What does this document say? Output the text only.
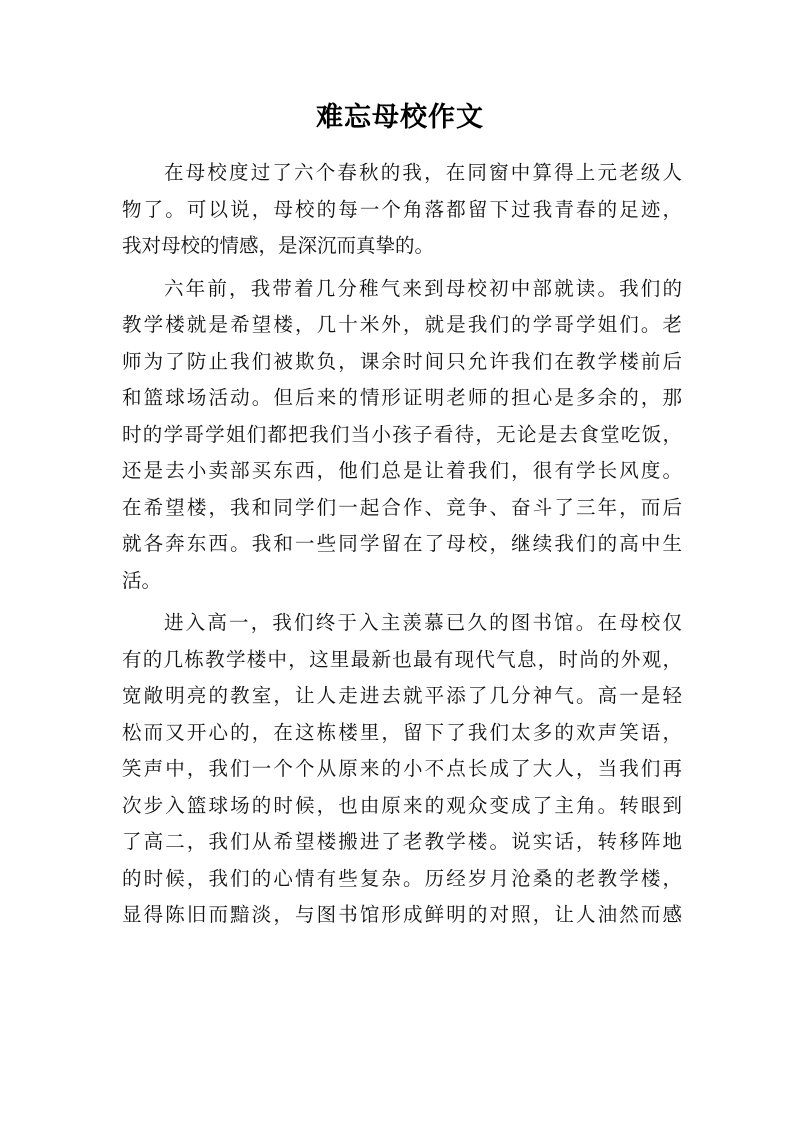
难忘母校作文
在母校度过了六个春秋的我，在同窗中算得上元老级人
物了。可以说，母校的每一个角落都留下过我青春的足迹，
我对母校的情感，是深沉而真挚的。
六年前，我带着几分稚气来到母校初中部就读。我们的
教学楼就是希望楼，几十米外，就是我们的学哥学姐们。老
师为了防止我们被欺负，课余时间只允许我们在教学楼前后
和篮球场活动。但后来的情形证明老师的担心是多余的，那
时的学哥学姐们都把我们当小孩子看待，无论是去食堂吃饭，
还是去小卖部买东西，他们总是让着我们，很有学长风度。
在希望楼，我和同学们一起合作、竞争、奋斗了三年，而后
就各奔东西。我和一些同学留在了母校，继续我们的高中生
活。
进入高一，我们终于入主羡慕已久的图书馆。在母校仅
有的几栋教学楼中，这里最新也最有现代气息，时尚的外观，
宽敞明亮的教室，让人走进去就平添了几分神气。高一是轻
松而又开心的，在这栋楼里，留下了我们太多的欢声笑语，
笑声中，我们一个个从原来的小不点长成了大人，当我们再
次步入篮球场的时候，也由原来的观众变成了主角。转眼到
了高二，我们从希望楼搬进了老教学楼。说实话，转移阵地
的时候，我们的心情有些复杂。历经岁月沧桑的老教学楼，
显得陈旧而黯淡，与图书馆形成鲜明的对照，让人油然而感
